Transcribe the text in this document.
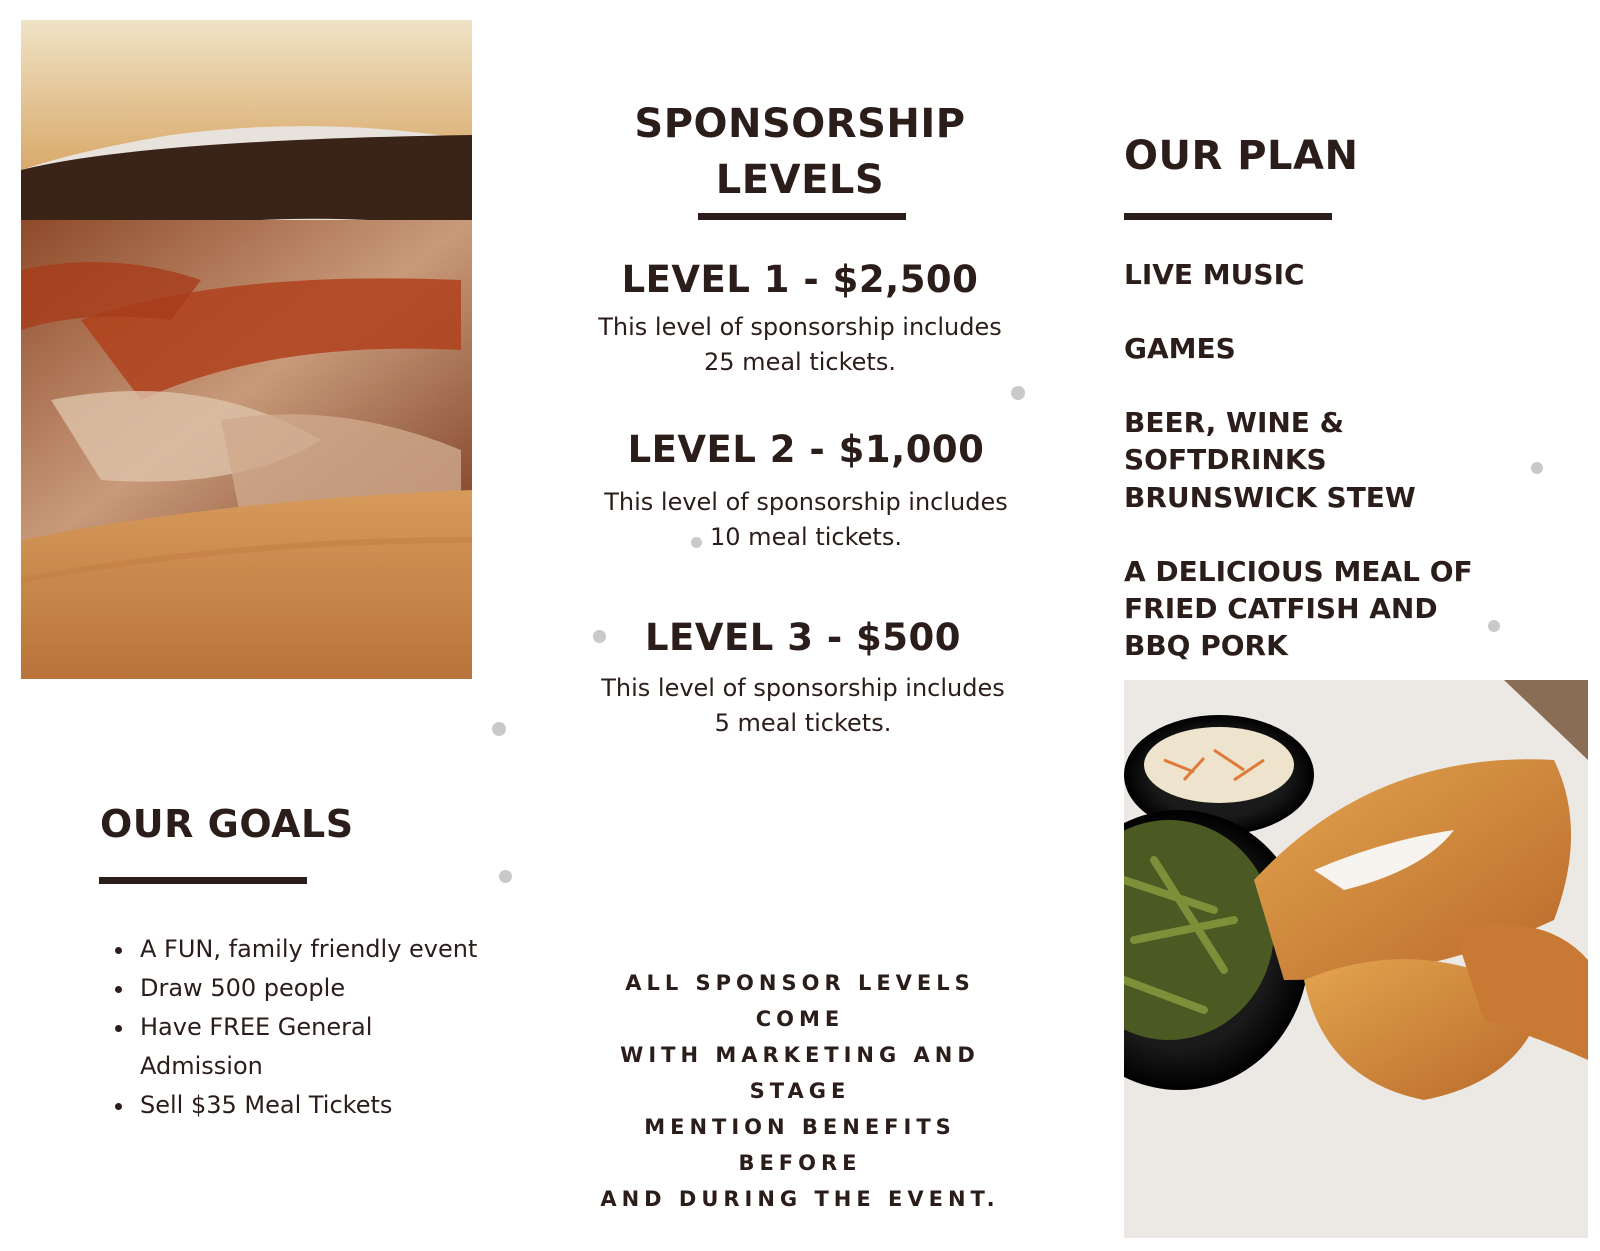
SPONSORSHIP
LEVELS
LEVEL 1 - $2,500
This level of sponsorship includes
25 meal tickets.
LEVEL 2 - $1,000
This level of sponsorship includes
10 meal tickets.
LEVEL 3 - $500
This level of sponsorship includes
5 meal tickets.
ALL SPONSOR LEVELS COME
WITH MARKETING AND STAGE
MENTION BENEFITS BEFORE
AND DURING THE EVENT.
OUR PLAN
LIVE MUSIC
GAMES
BEER, WINE & SOFTDRINKS
BRUNSWICK STEW
A DELICIOUS MEAL OF FRIED CATFISH AND BBQ PORK
OUR GOALS
• A FUN, family friendly event
• Draw 500 people
• Have FREE General Admission
• Sell $35 Meal Tickets
